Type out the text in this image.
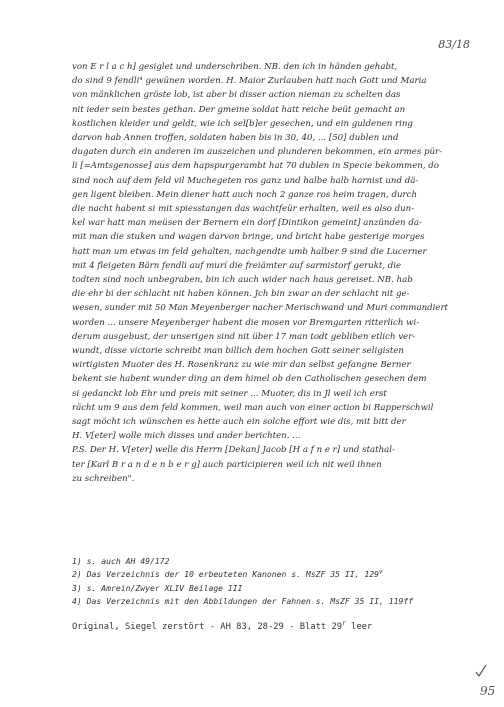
83/18
von E r l a c h] gesiglet und underschriben. NB. den ich in händen gehabt,
do sind 9 fendli⁴ gewünen worden. H. Maior Zurlauben hatt nach Gott und Maria
von mänklichen gröste lob, ist aber bi disser action nieman zu schelten das
nit ieder sein bestes gethan. Der gmeine soldat hatt reiche beüt gemacht an
kostlichen kleider und geldt, wie ich sel[b]er gesechen, und ein guldenen ring
darvon hab Annen troffen, soldaten haben bis in 30, 40, ... [50] dublen und
dugaten durch ein anderen im auszeichen und plunderen bekommen, ein armes pür-
li [=Amtsgenosse] aus dem hapspurgerambt hat 70 dublen in Specie bekommen, do
sind noch auf dem feld vil Muchegeten ros ganz und halbe halb harnist und dä-
gen ligent bleiben. Mein diener hatt auch noch 2 ganze ros heim tragen, durch
die nacht habent si mit spiesstangen das wachtfeür erhalten, weil es also dun-
kel war hatt man meüsen der Bernern ein dorf [Dintikon gemeint] anzünden da-
mit man die stuken und wagen darvon bringe, und bricht habe gesterige morges
hatt man um etwas im feld gehalten, nachgendte umb halber 9 sind die Lucerner
mit 4 fleigeten Bärn fendli auf murí die freiämter auf sarmistorf gerukt, die
todten sind noch unbegraben, bin ich auch wider nach haus gereiset. NB. hab
die ehr bi der schlacht nit haben können. Jch bin zwar an der schlacht nit ge-
wesen, sunder mit 50 Man Meyenberger nacher Merischwand und Muri commandiert
worden ... unsere Meyenberger habent die mosen vor Bremgarten ritterlich wi-
derum ausgebust, der unserigen sind nit über 17 man todt gebliben etlich ver-
wundt, disse victorie schreibt man billich dem hochen Gott seiner seligisten
wirtigisten Muoter des H. Rosenkranz zu wie mir dan selbst gefangne Berner
bekent sie habent wunder ding an dem himel ob den Catholischen gesechen dem
si gedanckt lob Ehr und preis mit seiner ... Muoter, dis in Jl weil ich erst
rächt um 9 aus dem feld kommen, weil man auch von einer action bi Rapperschwil
sagt möcht ich wünschen es hette auch ein solche effort wie dis, mit bitt der
H. V[eter] wolle mich disses und ander berichten. ...
P.S. Der H. V[eter] welle dis Herrn [Dekan] Jacob [H a f n e r] und stathal-
ter [Karl B r a n d e n b e r g] auch participieren weil ich nit weil ihnen
zu schreiben".
1) s. auch AH 49/172
2) Das Verzeichnis der 10 erbeuteten Kanonen s. MsZF 35 II, 129$^v$
3) s. Amrein/Zwyer XLIV Beilage III
4) Das Verzeichnis mit den Abbildungen der Fahnen s. MsZF 35 II, 119ff
Original, Siegel zerstört - AH 83, 28-29 - Blatt 29$^r$ leer
95
